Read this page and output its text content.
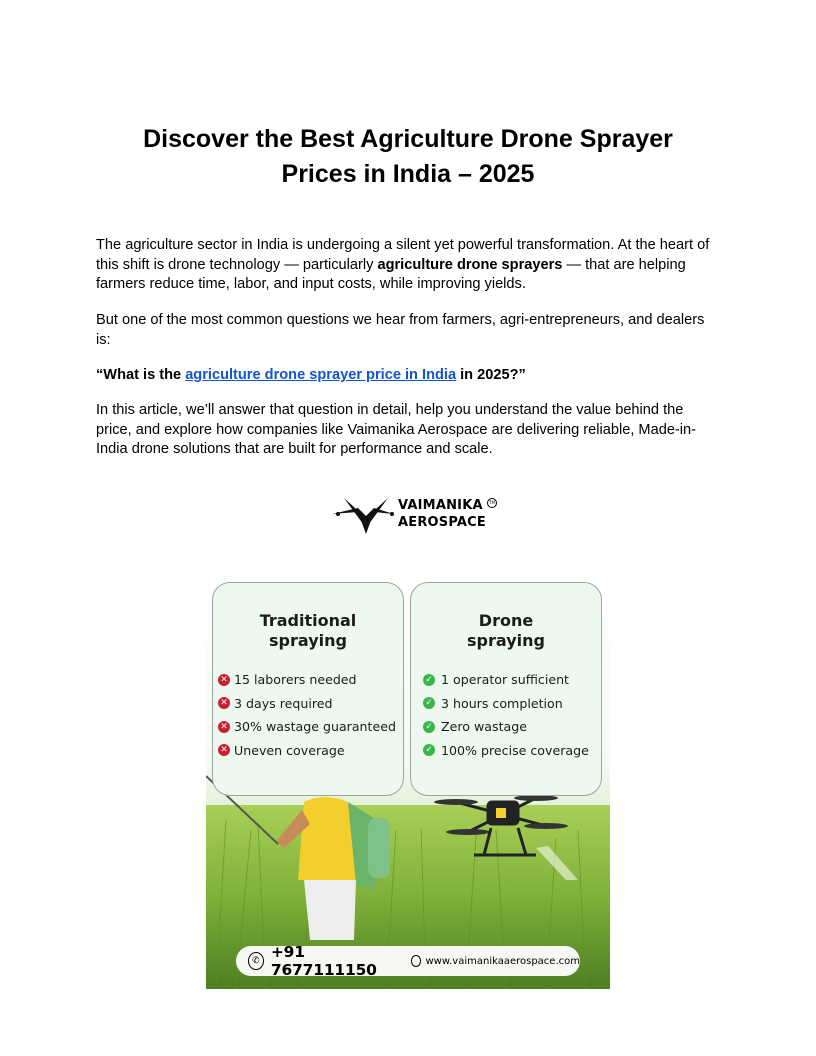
Discover the Best Agriculture Drone Sprayer
Prices in India – 2025

The agriculture sector in India is undergoing a silent yet powerful transformation. At the heart of this shift is drone technology — particularly agriculture drone sprayers — that are helping farmers reduce time, labor, and input costs, while improving yields.

But one of the most common questions we hear from farmers, agri-entrepreneurs, and dealers is:

“What is the agriculture drone sprayer price in India in 2025?”

In this article, we’ll answer that question in detail, help you understand the value behind the price, and explore how companies like Vaimanika Aerospace are delivering reliable, Made-in-India drone solutions that are built for performance and scale.

VAIMANIKA
AEROSPACE
TM
Traditional
spraying
✕ 15 laborers needed
✕ 3 days required
✕ 30% wastage guaranteed
✕ Uneven coverage
Drone
spraying
✓ 1 operator sufficient
✓ 3 hours completion
✓ Zero wastage
✓ 100% precise coverage
✆ +91 7677111150	www.vaimanikaaerospace.com
